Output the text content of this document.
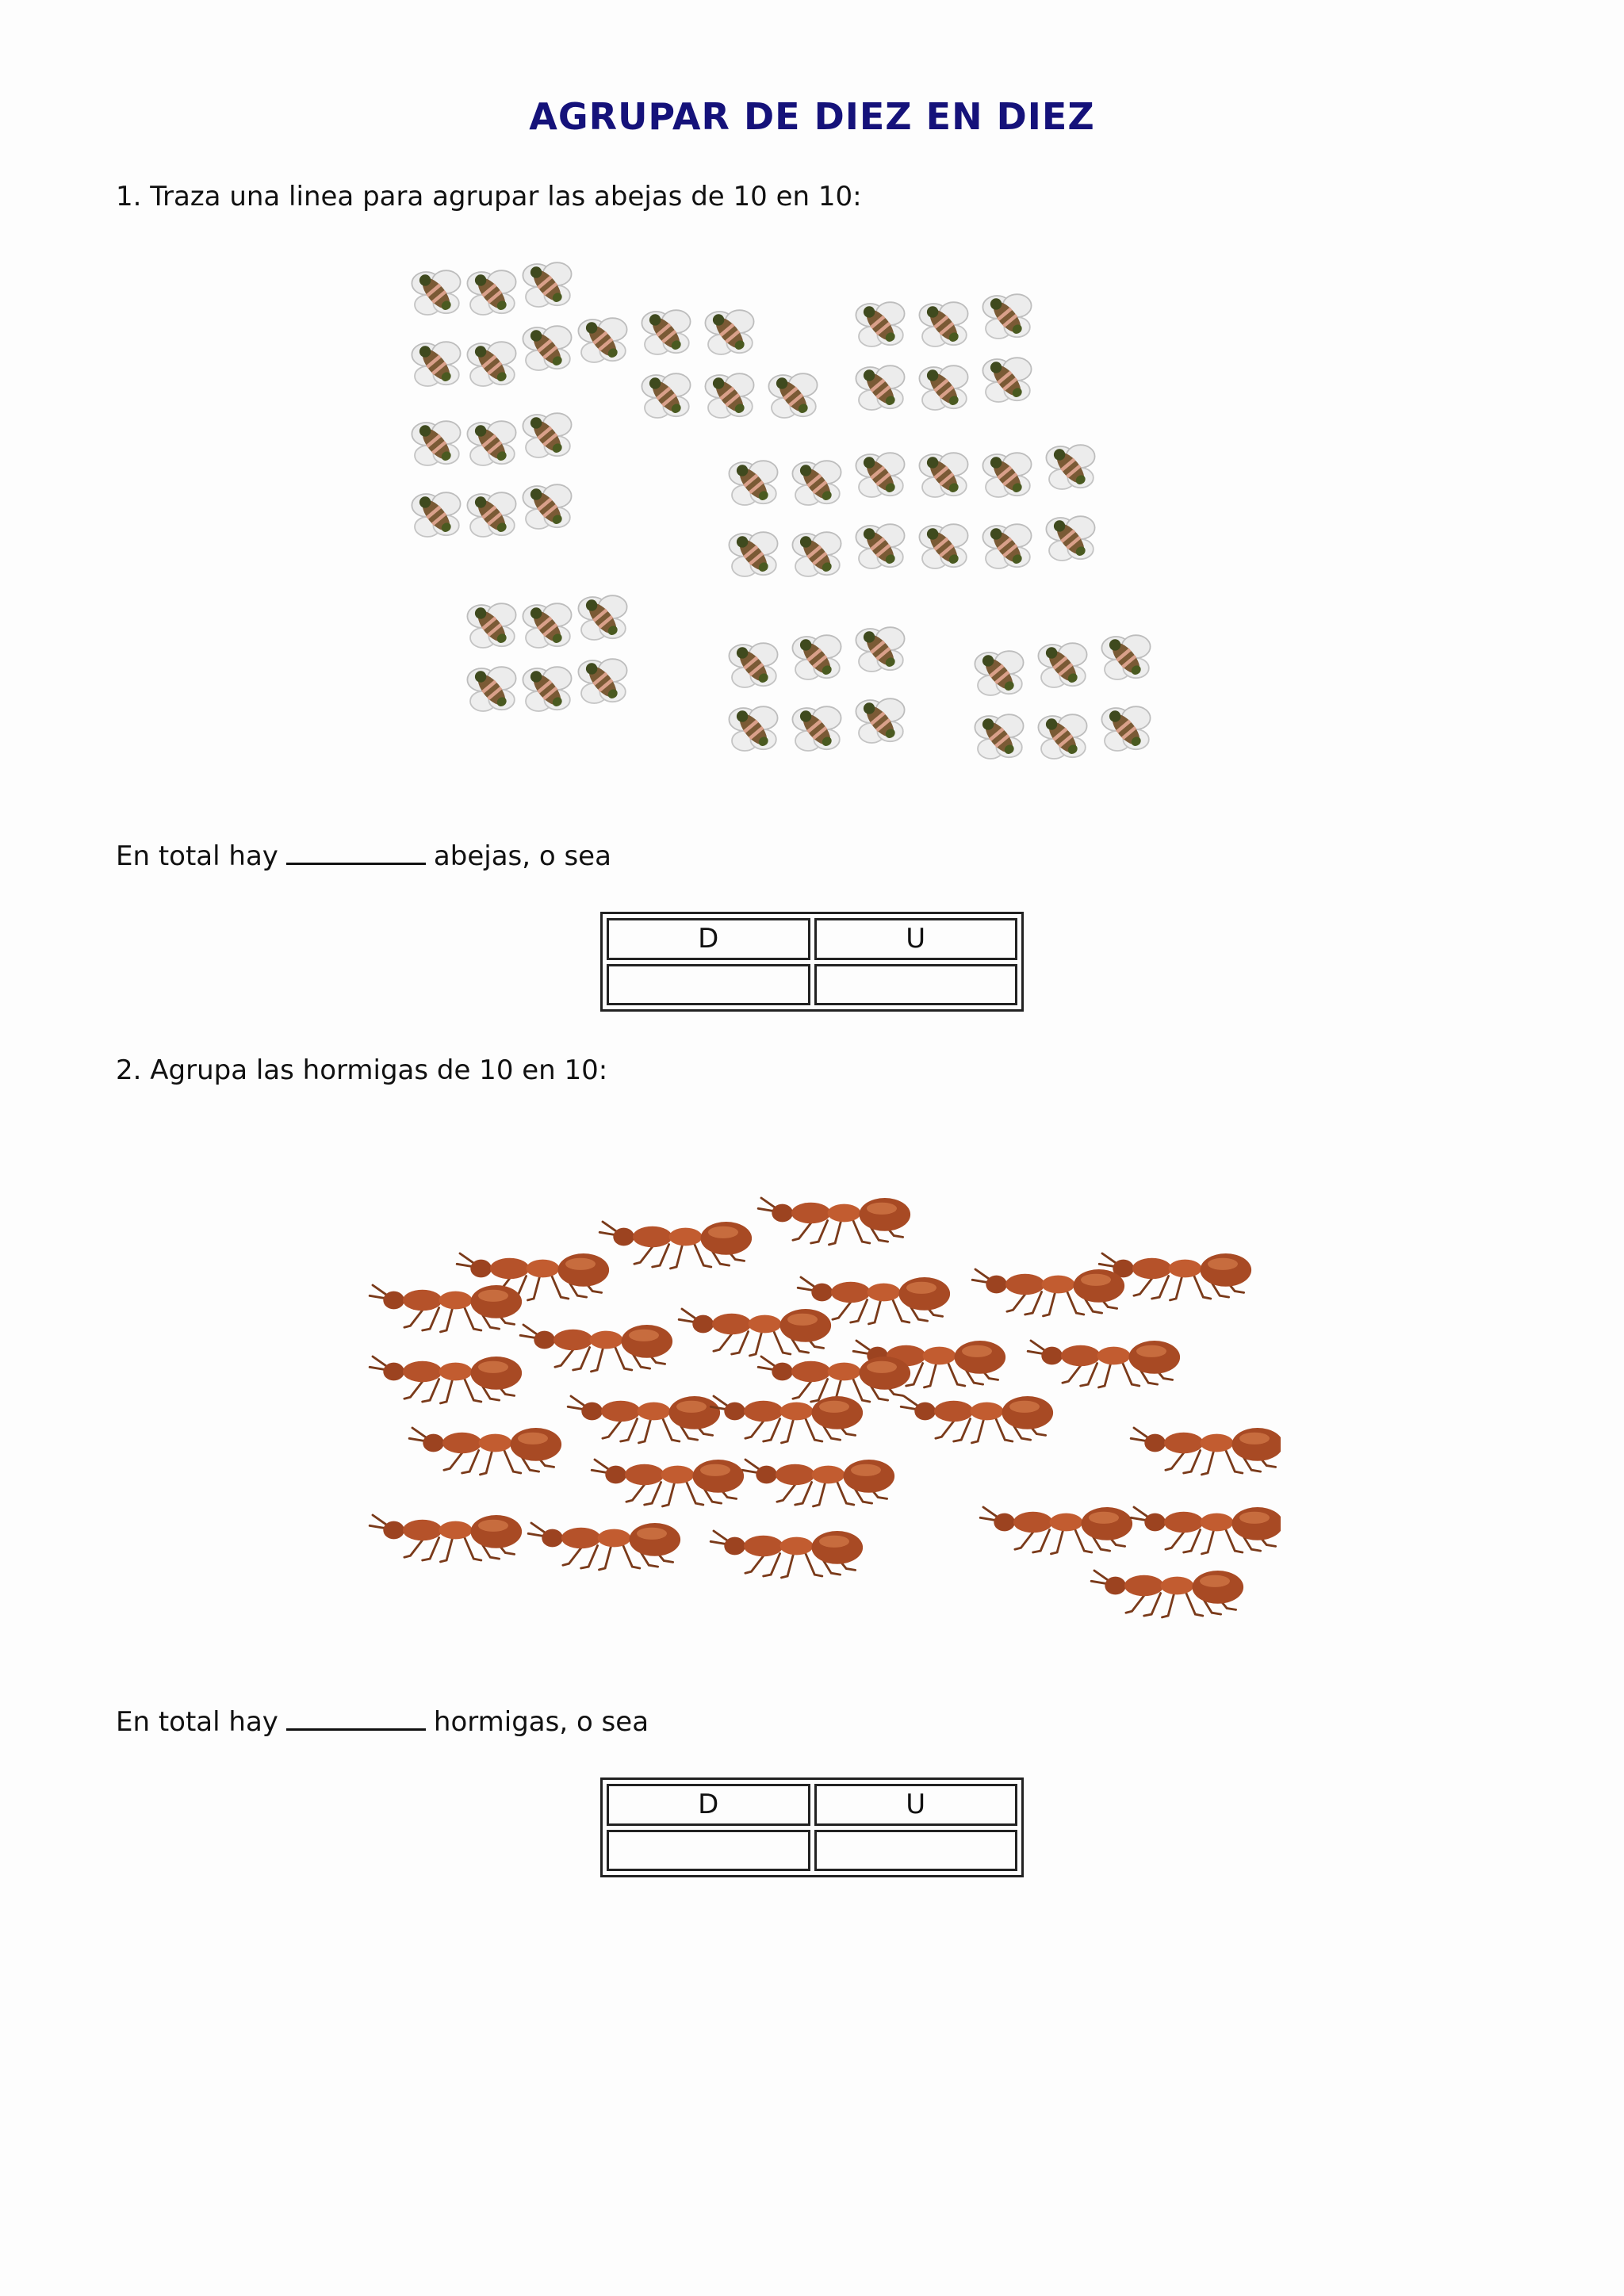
AGRUPAR DE DIEZ EN DIEZ
1. Traza una linea para agrupar las abejas de 10 en 10:
En total hay	abejas, o sea
D	U
2. Agrupa las hormigas de 10 en 10:
En total hay	hormigas, o sea
D	U
